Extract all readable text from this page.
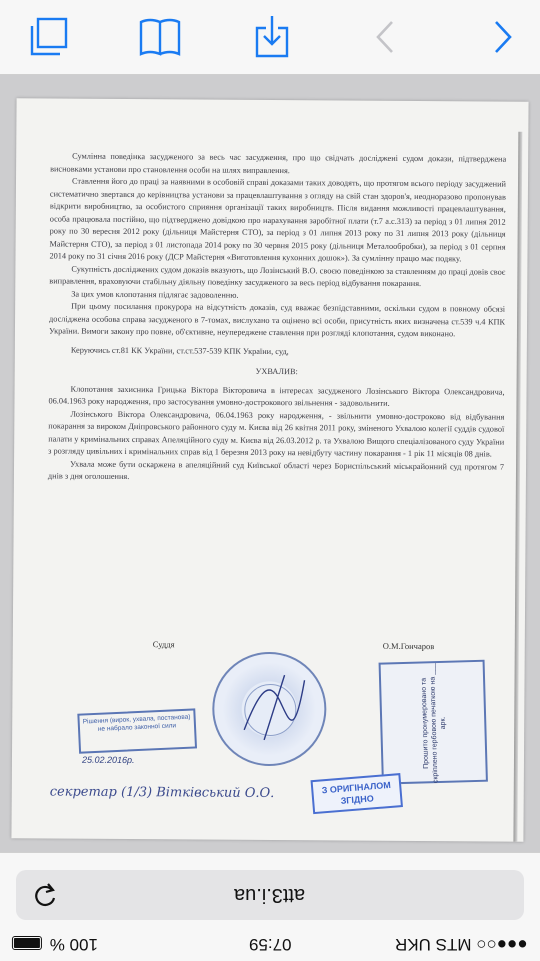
Сумлінна поведінка засудженого за весь час засудження, про що свідчать досліджені судом докази, підтверджена висновками установи про становлення особи на шлях виправлення.

Ставлення його до праці за наявними в особовій справі доказами таких доводять, що протягом всього періоду засуджений систематично звертався до керівництва установи за працевлаштування з огляду на свій стан здоров'я, неодноразово пропонував відкрити виробництво, за особистого сприяння організації таких виробництв. Після видання можливості працевлаштування, особа працювала постійно, що підтверджено довідкою про нарахування заробітної плати (т.7 а.с.313) за період з 01 липня 2012 року по 30 вересня 2012 року (дільниця Майстерня СТО), за період з 01 липня 2013 року по 31 липня 2013 року (дільниця Майстерня СТО), за період з 01 листопада 2014 року по 30 червня 2015 року (дільниця Металообробки), за період з 01 серпня 2014 року по 31 січня 2016 року (ДСР Майстерня «Виготовлення кухонних дошок»). За сумлінну працю має подяку.

Сукупність досліджених судом доказів вказують, що Лозінський В.О. своєю поведінкою за ставленням до праці довів своє виправлення, враховуючи стабільну діяльну поведінку засудженого за весь період відбування покарання.

За цих умов клопотання підлягає задоволенню.

При цьому посилання прокурора на відсутність доказів, суд вважає безпідставними, оскільки судом в повному обсязі досліджена особова справа засудженого в 7-томах, вислухано та оцінено всі особи, присутність яких визначена ст.539 ч.4 КПК України. Вимоги закону про повне, об'єктивне, неупереджене ставлення при розгляді клопотання, судом виконано.

Керуючись ст.81 КК України, ст.ст.537-539 КПК України, суд,

УХВАЛИВ:

Клопотання захисника Грицька Віктора Вікторовича в інтересах засудженого Лозінського Віктора Олександровича, 06.04.1963 року народження, про застосування умовно-дострокового звільнення - задовольнити.

Лозінського Віктора Олександровича, 06.04.1963 року народження, - звільнити умовно-достроково від відбування покарання за вироком Дніпровського районного суду м. Києва від 26 квітня 2011 року, зміненого Ухвалою колегії суддів судової палати у кримінальних справах Апеляційного суду м. Києва від 26.03.2012 р. та Ухвалою Вищого спеціалізованого суду України з розгляду цивільних і кримінальних справ від 1 березня 2013 року на невідбуту частину покарання - 1 рік 11 місяців 08 днів.

Ухвала може бути оскаржена в апеляційний суд Київської області через Бориспільський міськрайонний суд протягом 7 днів з дня оголошення.

Суддя	О.М.Гончаров
Рішення (вирок, ухвала, постанова) не набрало законної сили
25.02.2016р.	Прошито пронумеровано та скріплено гербовою печаткою на ___ арк.
З ОРИГІНАЛОМ ЗГІДНО
секретар (1/3) Вітківський О.О.
att3.i.ua
100 %	07:59	●●●○○ MTS UKR
